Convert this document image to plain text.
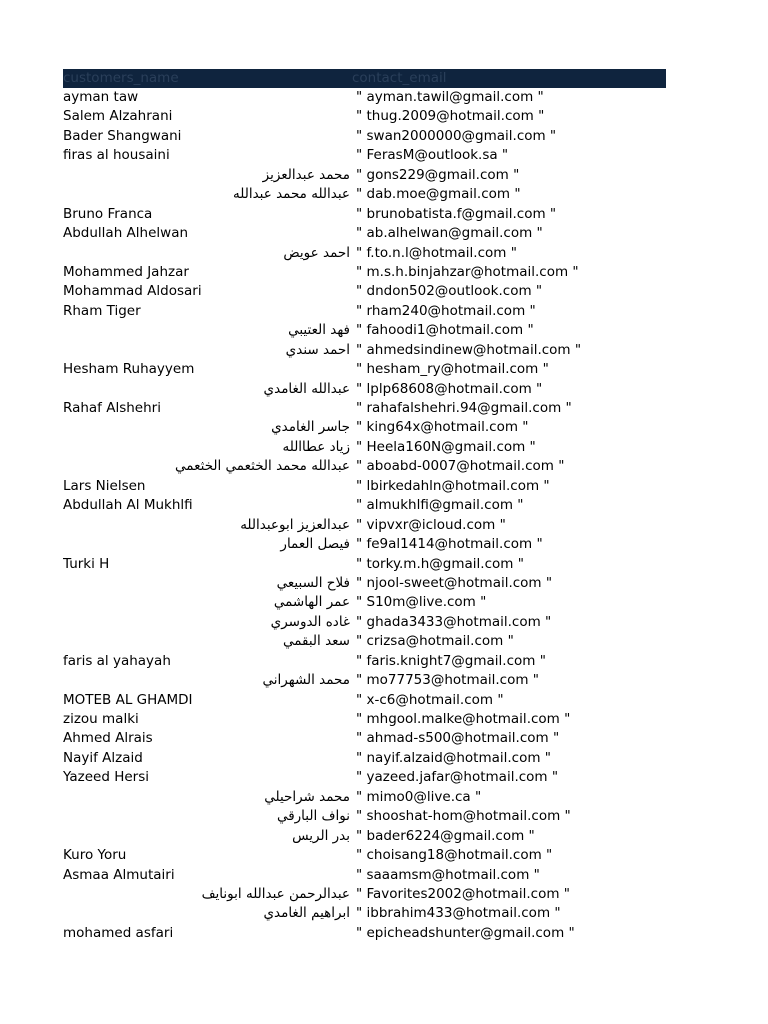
customers_name	contact_email
ayman taw	" ayman.tawil@gmail.com "
Salem Alzahrani	" thug.2009@hotmail.com "
Bader Shangwani	" swan2000000@gmail.com "
firas al housaini	" FerasM@outlook.sa "
محمد عبدالعزيز " gons229@gmail.com "
عبدالله محمد عبدالله " dab.moe@gmail.com "
Bruno Franca	" brunobatista.f@gmail.com "
Abdullah Alhelwan	" ab.alhelwan@gmail.com "
احمد عويض " f.to.n.l@hotmail.com "
Mohammed Jahzar	" m.s.h.binjahzar@hotmail.com "
Mohammad Aldosari	" dndon502@outlook.com "
Rham Tiger	" rham240@hotmail.com "
فهد العتيبي " fahoodi1@hotmail.com "
احمد سندي " ahmedsindinew@hotmail.com "
Hesham Ruhayyem	" hesham_ry@hotmail.com "
عبدالله الغامدي " lplp68608@hotmail.com "
Rahaf Alshehri	" rahafalshehri.94@gmail.com "
جاسر الغامدي " king64x@hotmail.com "
زياد عطاالله " Heela160N@gmail.com "
عبدالله محمد الخثعمي الخثعمي " aboabd-0007@hotmail.com "
Lars Nielsen	" lbirkedahln@hotmail.com "
Abdullah Al Mukhlfi	" almukhlfi@gmail.com "
عبدالعزيز ابوعبدالله " vipvxr@icloud.com "
فيصل العمار " fe9al1414@hotmail.com "
Turki H	" torky.m.h@gmail.com "
فلاح السبيعي " njool-sweet@hotmail.com "
عمر الهاشمي " S10m@live.com "
غاده الدوسري " ghada3433@hotmail.com "
سعد البقمي " crizsa@hotmail.com "
faris al yahayah	" faris.knight7@gmail.com "
محمد الشهراني " mo77753@hotmail.com "
MOTEB AL GHAMDI	" x-c6@hotmail.com "
zizou malki	" mhgool.malke@hotmail.com "
Ahmed Alrais	" ahmad-s500@hotmail.com "
Nayif Alzaid	" nayif.alzaid@hotmail.com "
Yazeed Hersi	" yazeed.jafar@hotmail.com "
محمد شراحيلي " mimo0@live.ca "
نواف البارقي " shooshat-hom@hotmail.com "
بدر الريس " bader6224@gmail.com "
Kuro Yoru	" choisang18@hotmail.com "
Asmaa Almutairi	" saaamsm@hotmail.com "
عبدالرحمن عبدالله ابونايف " Favorites2002@hotmail.com "
ابراهيم الغامدي " ibbrahim433@hotmail.com "
mohamed asfari	" epicheadshunter@gmail.com "
